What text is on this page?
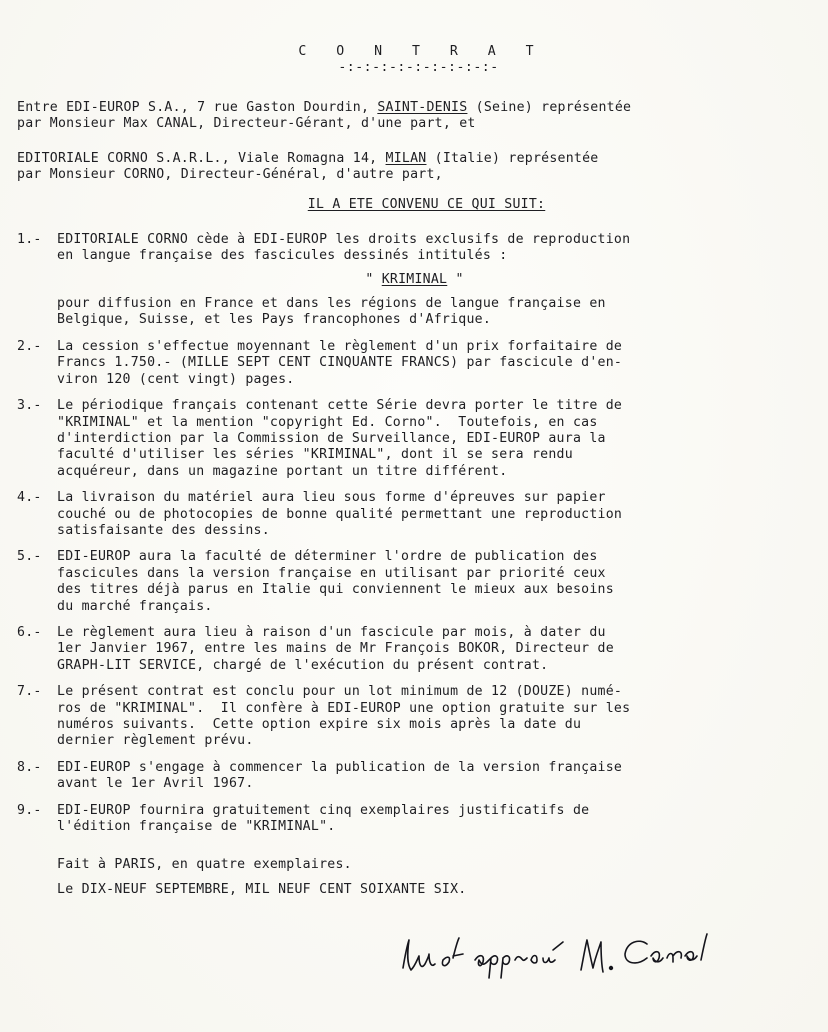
C O N T R A T
-:-:-:-:-:-:-:-:-:-
Entre EDI-EUROP S.A., 7 rue Gaston Dourdin, SAINT-DENIS (Seine) représentée
par Monsieur Max CANAL, Directeur-Gérant, d'une part, et
EDITORIALE CORNO S.A.R.L., Viale Romagna 14, MILAN (Italie) représentée
par Monsieur CORNO, Directeur-Général, d'autre part,
IL A ETE CONVENU CE QUI SUIT:
1.- EDITORIALE CORNO cède à EDI-EUROP les droits exclusifs de reproduction
en langue française des fascicules dessinés intitulés :
" KRIMINAL "
pour diffusion en France et dans les régions de langue française en
Belgique, Suisse, et les Pays francophones d'Afrique.
2.- La cession s'effectue moyennant le règlement d'un prix forfaitaire de
Francs 1.750.- (MILLE SEPT CENT CINQUANTE FRANCS) par fascicule d'en-
viron 120 (cent vingt) pages.
3.- Le périodique français contenant cette Série devra porter le titre de
"KRIMINAL" et la mention "copyright Ed. Corno".  Toutefois, en cas
d'interdiction par la Commission de Surveillance, EDI-EUROP aura la
faculté d'utiliser les séries "KRIMINAL", dont il se sera rendu
acquéreur, dans un magazine portant un titre différent.
4.- La livraison du matériel aura lieu sous forme d'épreuves sur papier
couché ou de photocopies de bonne qualité permettant une reproduction
satisfaisante des dessins.
5.- EDI-EUROP aura la faculté de déterminer l'ordre de publication des
fascicules dans la version française en utilisant par priorité ceux
des titres déjà parus en Italie qui conviennent le mieux aux besoins
du marché français.
6.- Le règlement aura lieu à raison d'un fascicule par mois, à dater du
1er Janvier 1967, entre les mains de Mr François BOKOR, Directeur de
GRAPH-LIT SERVICE, chargé de l'exécution du présent contrat.
7.- Le présent contrat est conclu pour un lot minimum de 12 (DOUZE) numé-
ros de "KRIMINAL".  Il confère à EDI-EUROP une option gratuite sur les
numéros suivants.  Cette option expire six mois après la date du
dernier règlement prévu.
8.- EDI-EUROP s'engage à commencer la publication de la version française
avant le 1er Avril 1967.
9.- EDI-EUROP fournira gratuitement cinq exemplaires justificatifs de
l'édition française de "KRIMINAL".
Fait à PARIS, en quatre exemplaires.
Le DIX-NEUF SEPTEMBRE, MIL NEUF CENT SOIXANTE SIX.
